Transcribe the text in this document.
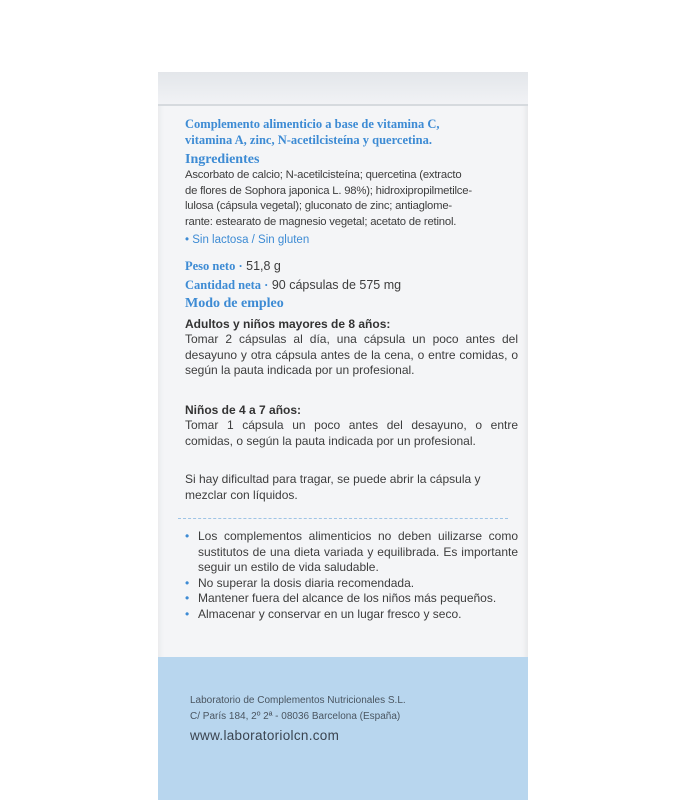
Complemento alimenticio a base de vitamina C,
vitamina A, zinc, N-acetilcisteína y quercetina.
Ingredientes
Ascorbato de calcio; N-acetilcisteína; quercetina (extracto
de flores de Sophora japonica L. 98%); hidroxipropilmetilce-
lulosa (cápsula vegetal); gluconato de zinc; antiaglome-
rante: estearato de magnesio vegetal; acetato de retinol.
• Sin lactosa / Sin gluten
Peso neto · 51,8 g
Cantidad neta · 90 cápsulas de 575 mg
Modo de empleo
Adultos y niños mayores de 8 años:
Tomar 2 cápsulas al día, una cápsula un poco antes del desayuno y otra cápsula antes de la cena, o entre comidas, o según la pauta indicada por un profesional.
Niños de 4 a 7 años:
Tomar 1 cápsula un poco antes del desayuno, o entre comidas, o según la pauta indicada por un profesional.
Si hay dificultad para tragar, se puede abrir la cápsula y mezclar con líquidos.
• Los complementos alimenticios no deben uilizarse como sustitutos de una dieta variada y equilibrada. Es importante seguir un estilo de vida saludable.
• No superar la dosis diaria recomendada.
• Mantener fuera del alcance de los niños más pequeños.
• Almacenar y conservar en un lugar fresco y seco.
Laboratorio de Complementos Nutricionales S.L.
C/ París 184, 2º 2ª - 08036 Barcelona (España)
www.laboratoriolcn.com
